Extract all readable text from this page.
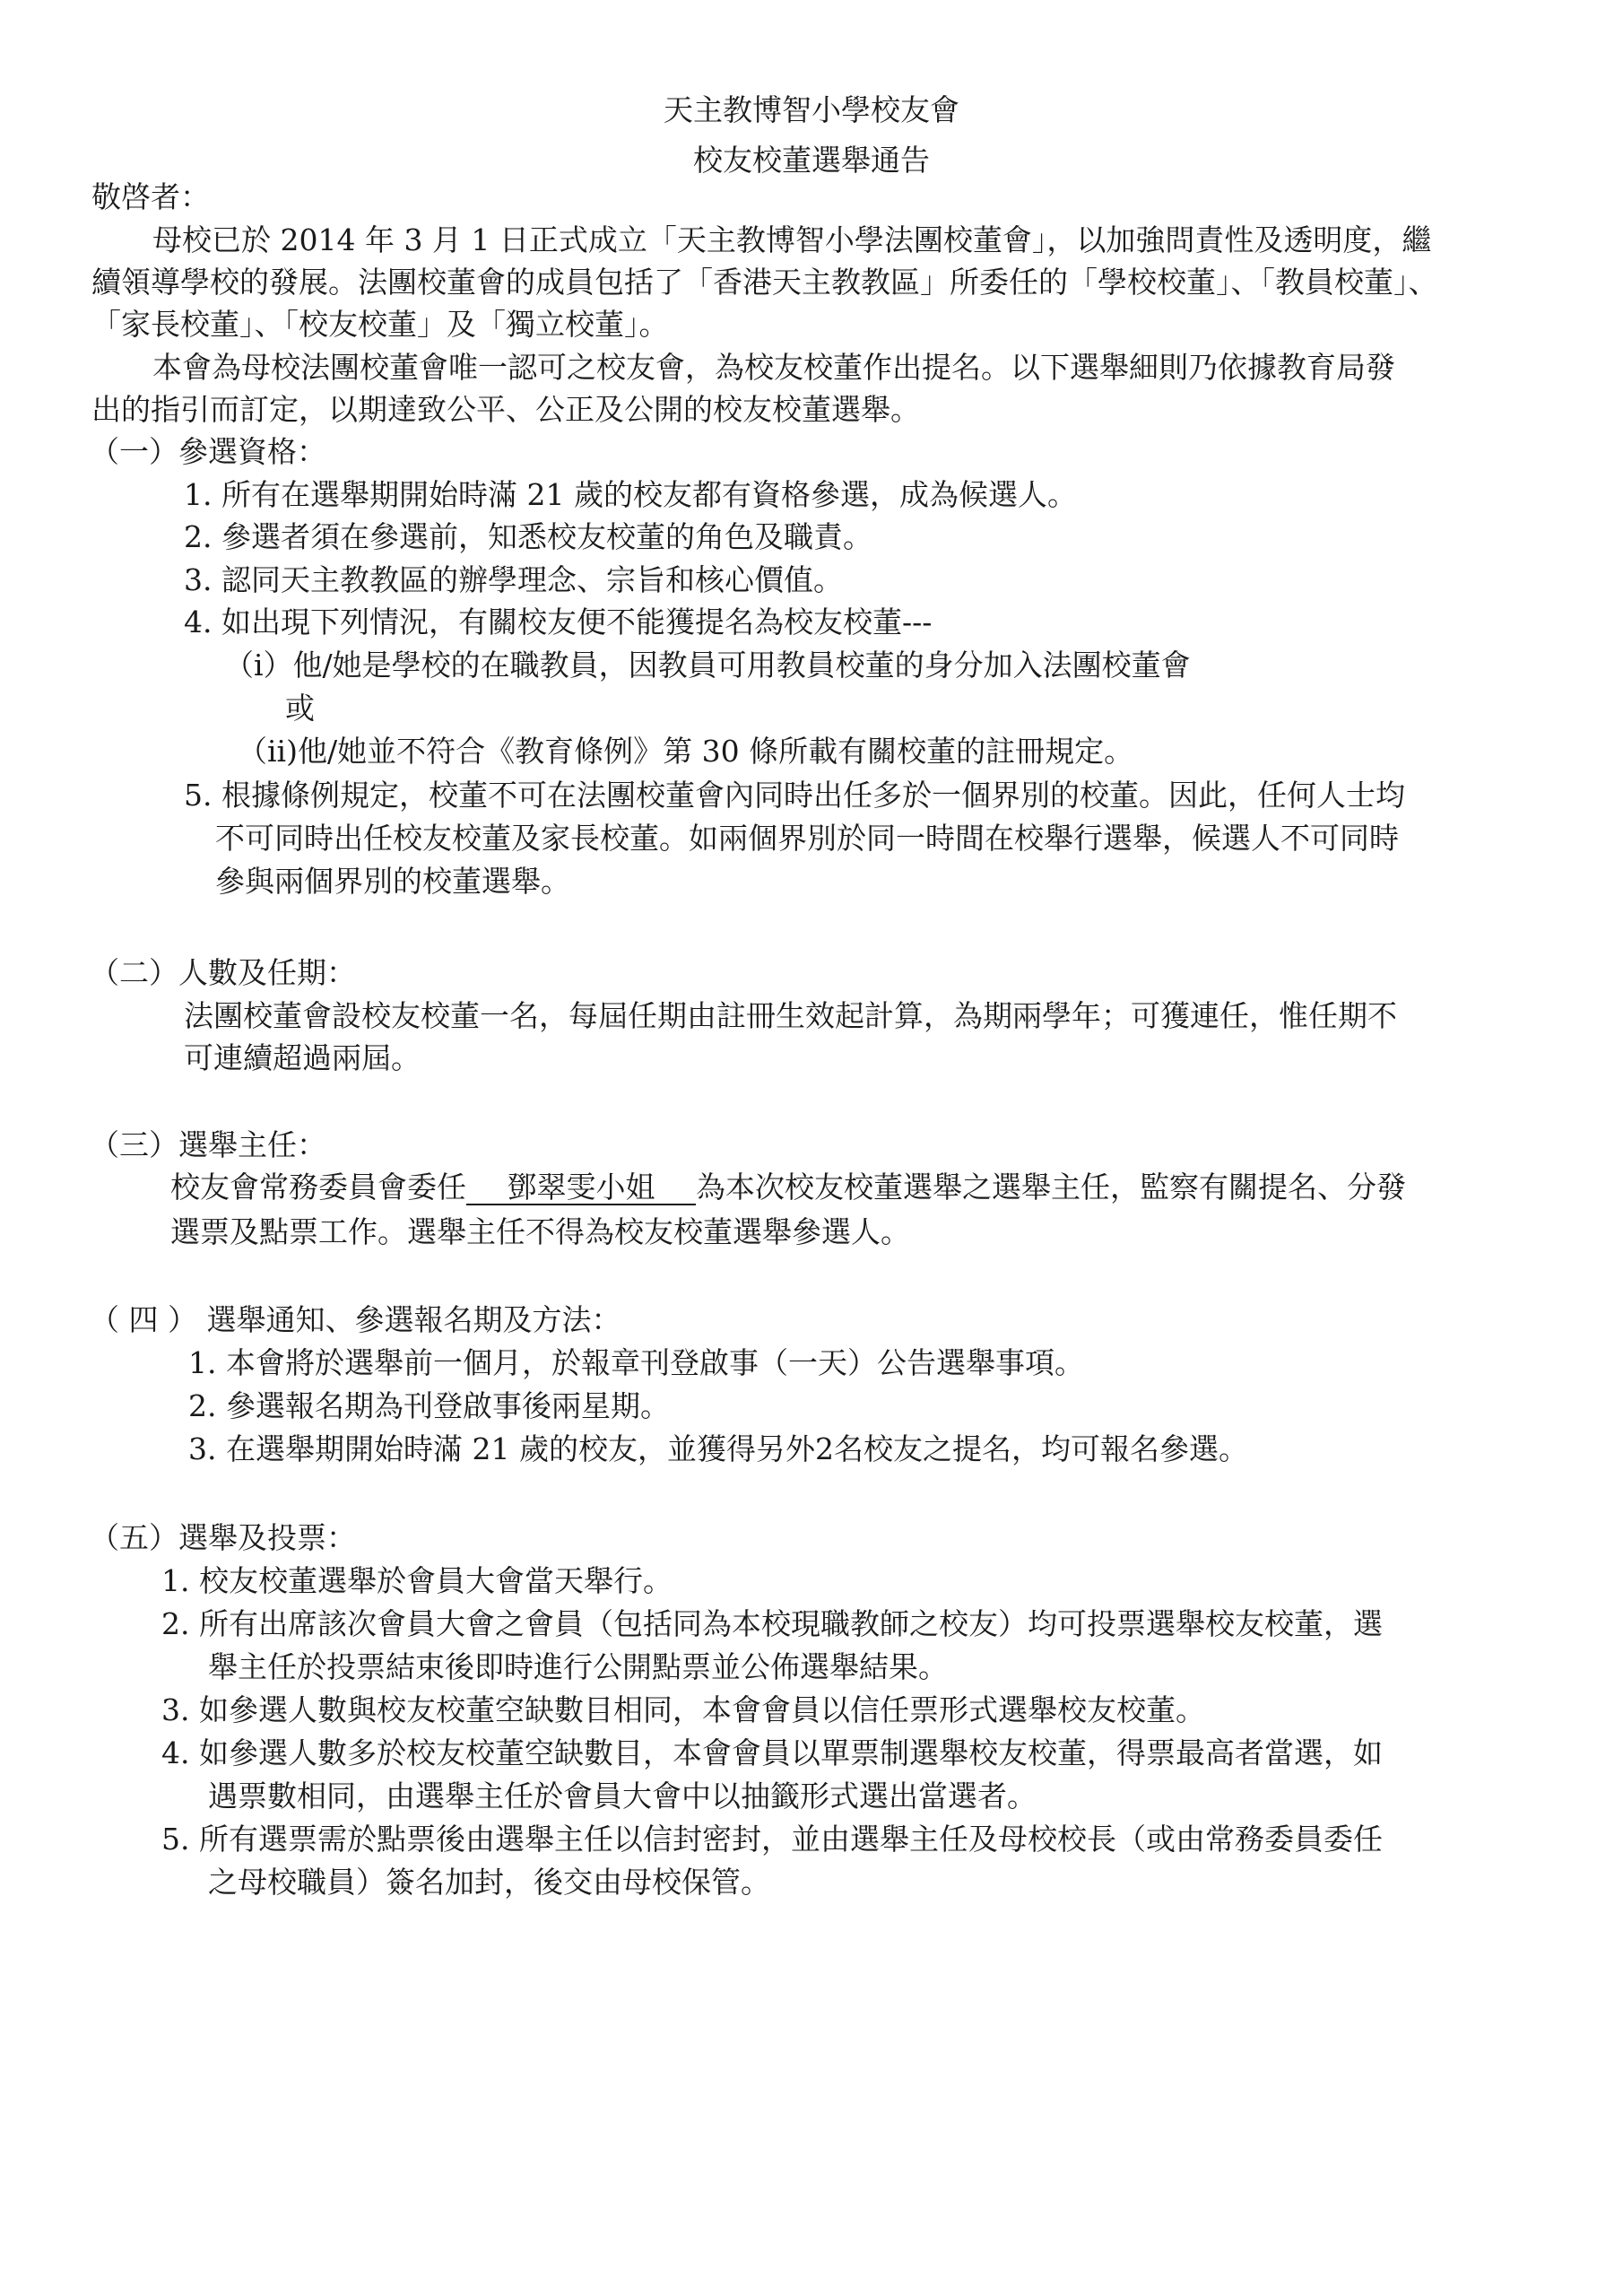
天主教博智小學校友會
校友校董選舉通告
敬啓者：
母校已於 2014 年 3 月 1 日正式成立「天主教博智小學法團校董會」，以加強問責性及透明度，繼
續領導學校的發展。法團校董會的成員包括了「香港天主教教區」所委任的「學校校董」、「教員校董」、
「家長校董」、「校友校董」及「獨立校董」。
本會為母校法團校董會唯一認可之校友會，為校友校董作出提名。以下選舉細則乃依據教育局發
出的指引而訂定，以期達致公平、公正及公開的校友校董選舉。
（一）參選資格：
1. 所有在選舉期開始時滿 21 歲的校友都有資格參選，成為候選人。
2. 參選者須在參選前，知悉校友校董的角色及職責。
3. 認同天主教教區的辦學理念、宗旨和核心價值。
4. 如出現下列情況，有關校友便不能獲提名為校友校董---
（i）他/她是學校的在職教員，因教員可用教員校董的身分加入法團校董會
或
（ii)他/她並不符合《教育條例》第 30 條所載有關校董的註冊規定。
5. 根據條例規定，校董不可在法團校董會內同時出任多於一個界別的校董。因此，任何人士均
不可同時出任校友校董及家長校董。如兩個界別於同一時間在校舉行選舉，候選人不可同時
參與兩個界別的校董選舉。
（二）人數及任期：
法團校董會設校友校董一名，每屆任期由註冊生效起計算，為期兩學年；可獲連任，惟任期不
可連續超過兩屆。
（三）選舉主任：
校友會常務委員會委任 鄧翠雯小姐 為本次校友校董選舉之選舉主任，監察有關提名、分發
選票及點票工作。選舉主任不得為校友校董選舉參選人。
（ 四 ） 選舉通知、參選報名期及方法：
1. 本會將於選舉前一個月，於報章刊登啟事（一天）公告選舉事項。
2. 參選報名期為刊登啟事後兩星期。
3. 在選舉期開始時滿 21 歲的校友，並獲得另外2名校友之提名，均可報名參選。
（五）選舉及投票：
1. 校友校董選舉於會員大會當天舉行。
2. 所有出席該次會員大會之會員（包括同為本校現職教師之校友）均可投票選舉校友校董，選
舉主任於投票結束後即時進行公開點票並公佈選舉結果。
3. 如參選人數與校友校董空缺數目相同，本會會員以信任票形式選舉校友校董。
4. 如參選人數多於校友校董空缺數目，本會會員以單票制選舉校友校董，得票最高者當選，如
遇票數相同，由選舉主任於會員大會中以抽籤形式選出當選者。
5. 所有選票需於點票後由選舉主任以信封密封，並由選舉主任及母校校長（或由常務委員委任
之母校職員）簽名加封，後交由母校保管。
